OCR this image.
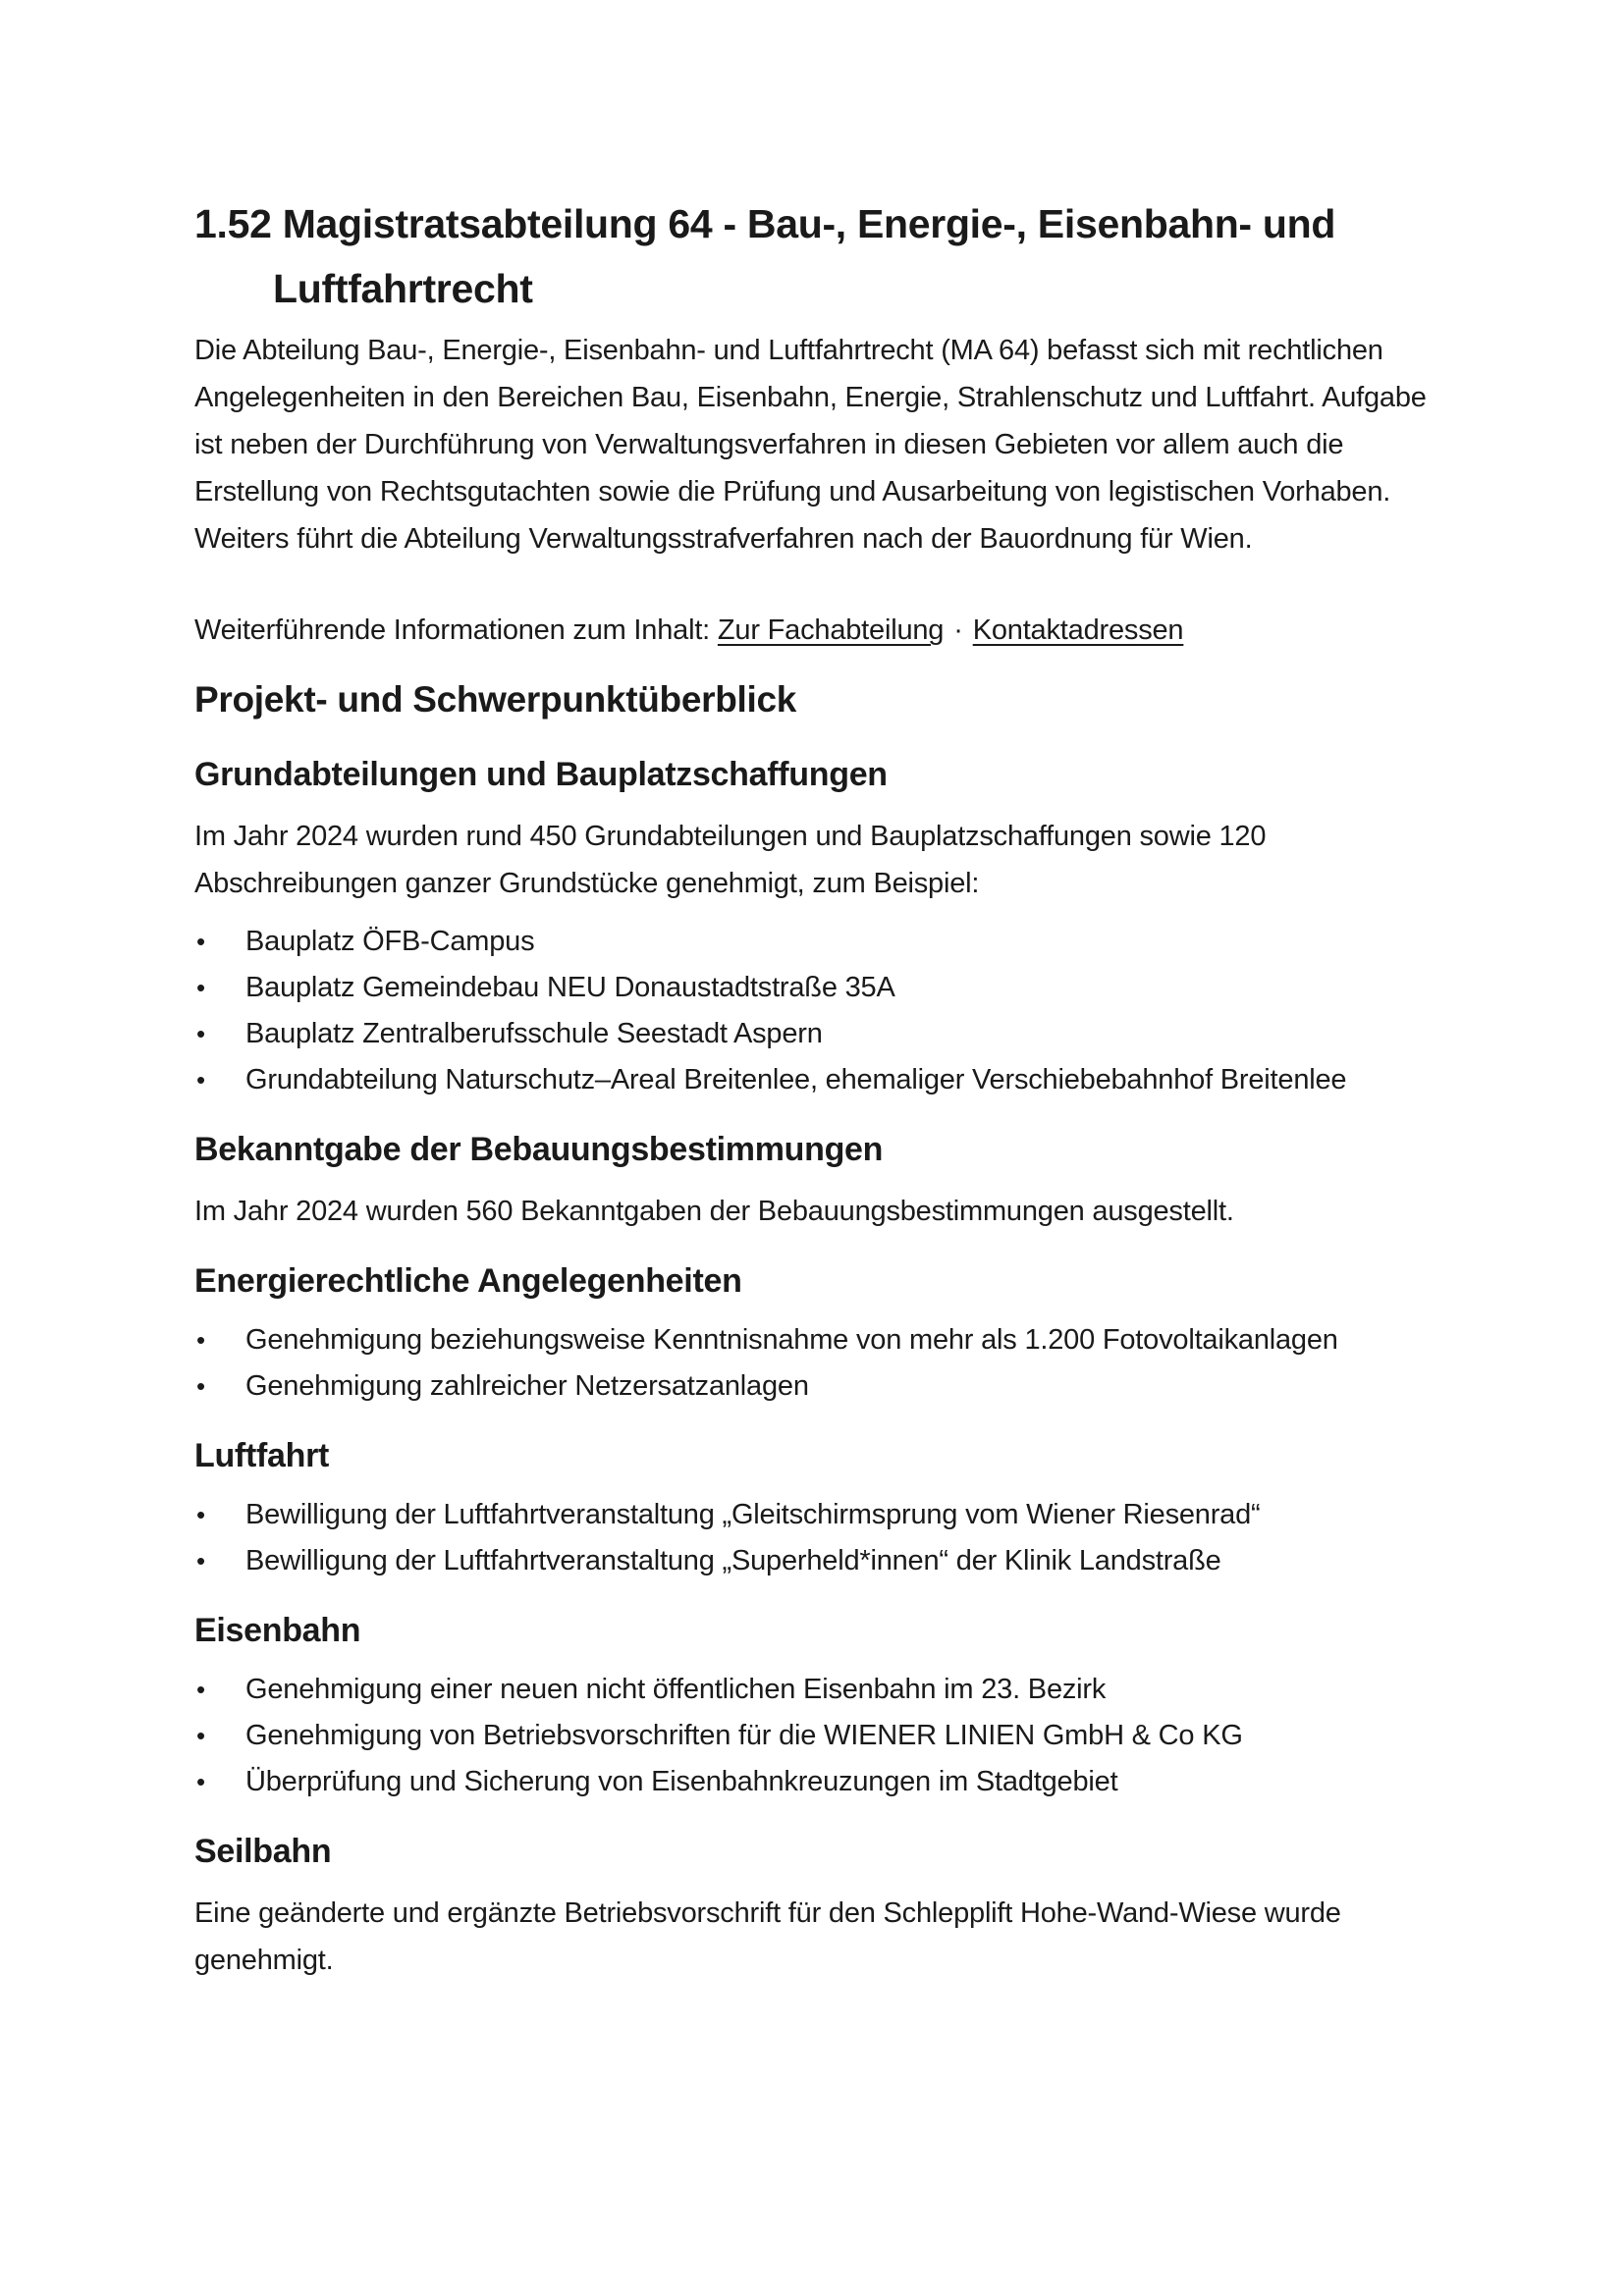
1.52 Magistratsabteilung 64 - Bau-, Energie-, Eisenbahn- und Luftfahrtrecht

Die Abteilung Bau-, Energie-, Eisenbahn- und Luftfahrtrecht (MA 64) befasst sich mit rechtlichen Angelegenheiten in den Bereichen Bau, Eisenbahn, Energie, Strahlenschutz und Luftfahrt. Aufgabe ist neben der Durchführung von Verwaltungsverfahren in diesen Gebieten vor allem auch die Erstellung von Rechtsgutachten sowie die Prüfung und Ausarbeitung von legistischen Vorhaben. Weiters führt die Abteilung Verwaltungsstrafverfahren nach der Bauordnung für Wien.

Weiterführende Informationen zum Inhalt: Zur Fachabteilung · Kontaktadressen

Projekt- und Schwerpunktüberblick
Grundabteilungen und Bauplatzschaffungen

Im Jahr 2024 wurden rund 450 Grundabteilungen und Bauplatzschaffungen sowie 120 Abschreibungen ganzer Grundstücke genehmigt, zum Beispiel:

• Bauplatz ÖFB-Campus
• Bauplatz Gemeindebau NEU Donaustadtstraße 35A
• Bauplatz Zentralberufsschule Seestadt Aspern
• Grundabteilung Naturschutz–Areal Breitenlee, ehemaliger Verschiebebahnhof Breitenlee
Bekanntgabe der Bebauungsbestimmungen

Im Jahr 2024 wurden 560 Bekanntgaben der Bebauungsbestimmungen ausgestellt.

Energierechtliche Angelegenheiten
• Genehmigung beziehungsweise Kenntnisnahme von mehr als 1.200 Fotovoltaikanlagen
• Genehmigung zahlreicher Netzersatzanlagen
Luftfahrt
• Bewilligung der Luftfahrtveranstaltung „Gleitschirmsprung vom Wiener Riesenrad“
• Bewilligung der Luftfahrtveranstaltung „Superheld*innen“ der Klinik Landstraße
Eisenbahn
• Genehmigung einer neuen nicht öffentlichen Eisenbahn im 23. Bezirk
• Genehmigung von Betriebsvorschriften für die WIENER LINIEN GmbH & Co KG
• Überprüfung und Sicherung von Eisenbahnkreuzungen im Stadtgebiet
Seilbahn

Eine geänderte und ergänzte Betriebsvorschrift für den Schlepplift Hohe-Wand-Wiese wurde genehmigt.
